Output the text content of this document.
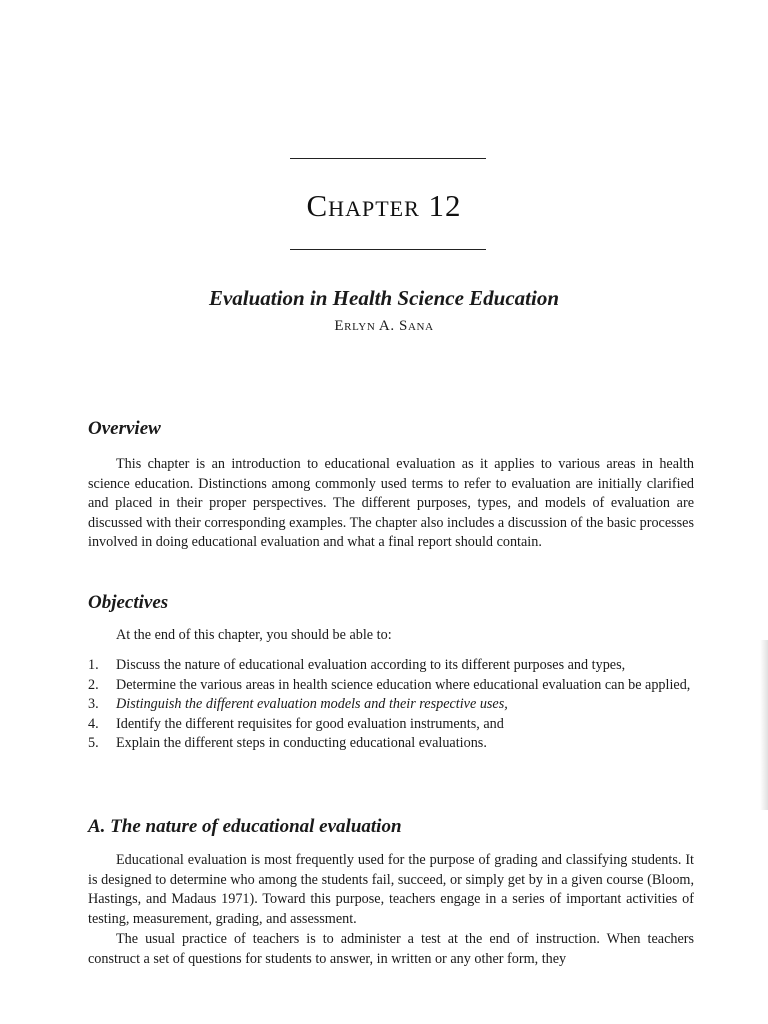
Chapter 12
Evaluation in Health Science Education
Erlyn A. Sana
Overview

This chapter is an introduction to educational evaluation as it applies to various areas in health science education. Distinctions among commonly used terms to refer to evaluation are initially clarified and placed in their proper perspectives. The different purposes, types, and models of evaluation are discussed with their corresponding examples. The chapter also includes a discussion of the basic processes involved in doing educational evaluation and what a final report should contain.

Objectives

At the end of this chapter, you should be able to:

1. Discuss the nature of educational evaluation according to its different purposes and types,
2. Determine the various areas in health science education where educational evaluation can be applied,
3. Distinguish the different evaluation models and their respective uses,
4. Identify the different requisites for good evaluation instruments, and
5. Explain the different steps in conducting educational evaluations.
A. The nature of educational evaluation

Educational evaluation is most frequently used for the purpose of grading and classifying students. It is designed to determine who among the students fail, succeed, or simply get by in a given course (Bloom, Hastings, and Madaus 1971). Toward this purpose, teachers engage in a series of important activities of testing, measurement, grading, and assessment.

The usual practice of teachers is to administer a test at the end of instruction. When teachers construct a set of questions for students to answer, in written or any other form, they
